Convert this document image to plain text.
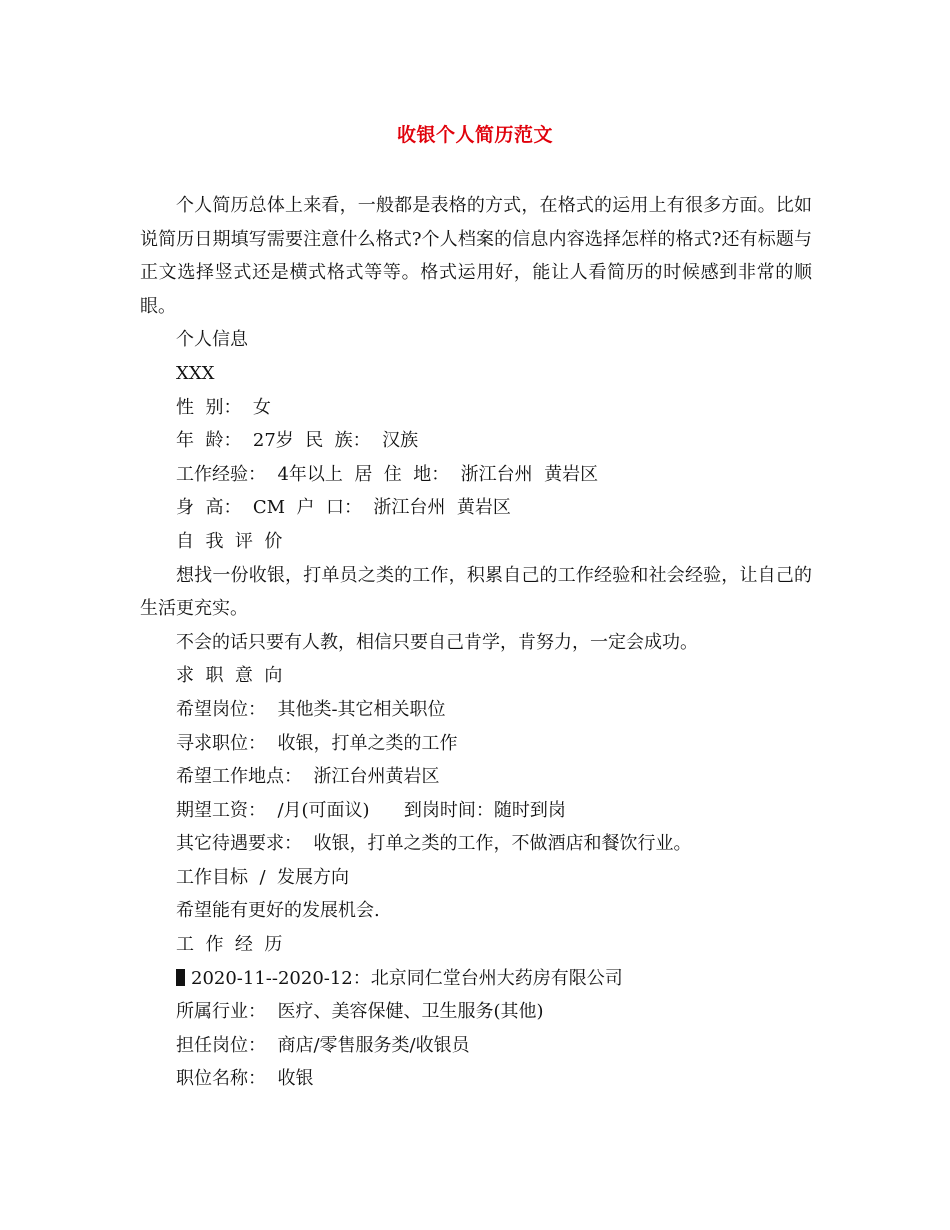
收银个人简历范文

个人简历总体上来看，一般都是表格的方式，在格式的运用上有很多方面。比如说简历日期填写需要注意什么格式?个人档案的信息内容选择怎样的格式?还有标题与正文选择竖式还是横式格式等等。格式运用好，能让人看简历的时候感到非常的顺眼。

个人信息

XXX

性  别：  女

年  龄：  27岁  民  族：  汉族

工作经验：  4年以上  居  住  地：  浙江台州  黄岩区

身  高：  CM  户  口：  浙江台州  黄岩区

自  我  评  价

想找一份收银，打单员之类的工作，积累自己的工作经验和社会经验，让自己的生活更充实。

不会的话只要有人教，相信只要自己肯学，肯努力，一定会成功。

求  职  意  向

希望岗位：  其他类-其它相关职位

寻求职位：  收银，打单之类的工作

希望工作地点：  浙江台州黄岩区

期望工资：  /月(可面议)      到岗时间：随时到岗

其它待遇要求：  收银，打单之类的工作，不做酒店和餐饮行业。

工作目标  /  发展方向

希望能有更好的发展机会.

工  作  经  历

2020-11--2020-12：北京同仁堂台州大药房有限公司

所属行业：  医疗、美容保健、卫生服务(其他)

担任岗位：  商店/零售服务类/收银员

职位名称：  收银
